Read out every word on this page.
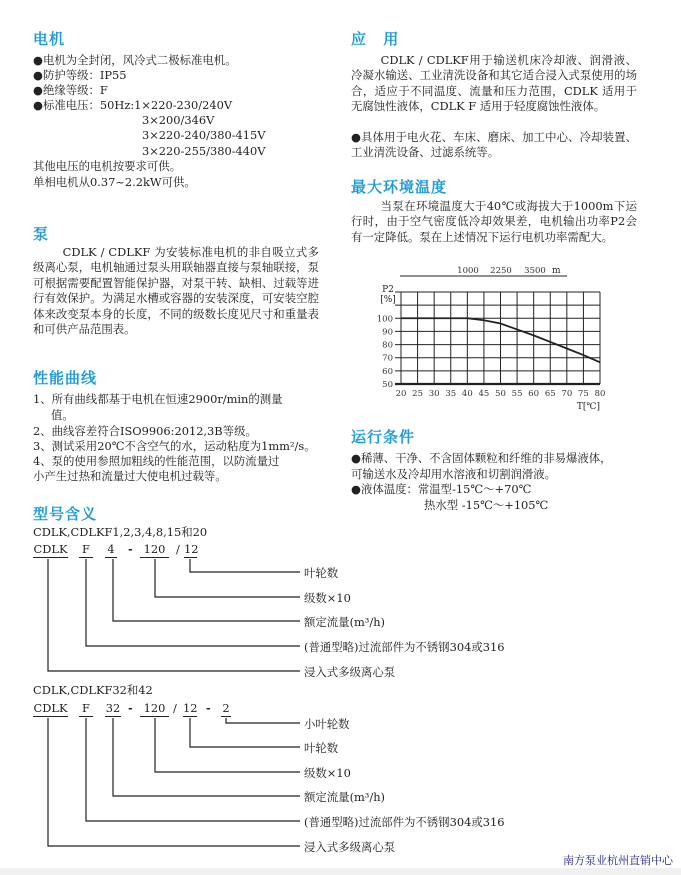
电机
●电机为全封闭，风冷式二极标准电机。
●防护等级：IP55
●绝缘等级：F
●标准电压：50Hz:1×220-230/240V
3×200/346V
3×220-240/380-415V
3×220-255/380-440V
其他电压的电机按要求可供。
单相电机从0.37~2.2kW可供。
泵
CDLK / CDLKF 为安装标准电机的非自吸立式多级离心泵，电机轴通过泵头用联轴器直接与泵轴联接，泵可根据需要配置智能保护器，对泵干转、缺相、过载等进行有效保护。为满足水槽或容器的安装深度，可安装空腔体来改变泵本身的长度，不同的级数长度见尺寸和重量表和可供产品范围表。
性能曲线
1、所有曲线都基于电机在恒速2900r/min的测量
值。
2、曲线容差符合ISO9906:2012,3B等级。
3、测试采用20℃不含空气的水，运动粘度为1mm²/s。
4、泵的使用参照加粗线的性能范围，以防流量过
小产生过热和流量过大使电机过载等。
型号含义
CDLK,CDLKF1,2,3,4,8,15和20
CDLK F 4 - 120 / 12
叶轮数
级数×10
额定流量(m³/h)
(普通型略)过流部件为不锈钢304或316
浸入式多级离心泵
CDLK,CDLKF32和42
CDLK F 32 - 120 / 12 - 2
小叶轮数
叶轮数
级数×10
额定流量(m³/h)
(普通型略)过流部件为不锈钢304或316
浸入式多级离心泵
应 用
CDLK / CDLKF用于输送机床冷却液、润滑液、冷凝水输送、工业清洗设备和其它适合浸入式泵使用的场合，适应于不同温度、流量和压力范围，CDLK 适用于无腐蚀性液体，CDLK F 适用于轻度腐蚀性液体。
●具体用于电火花、车床、磨床、加工中心、冷却装置、工业清洗设备、过滤系统等。
最大环境温度
当泵在环境温度大于40℃或海拔大于1000m下运行时，由于空气密度低冷却效果差，电机输出功率P2会有一定降低。泵在上述情况下运行电机功率需配大。
P2
[%]
T[℃]
m
20 25 30 35 40 45 50 55 60 65 70 75 80
50
60
70
80
90
100
1000 2250 3500
运行条件
●稀薄、干净、不含固体颗粒和纤维的非易爆液体，
可输送水及冷却用水溶液和切割润滑液。
●液体温度：常温型-15℃～+70℃
热水型 -15℃～+105℃
南方泵业杭州直销中心
